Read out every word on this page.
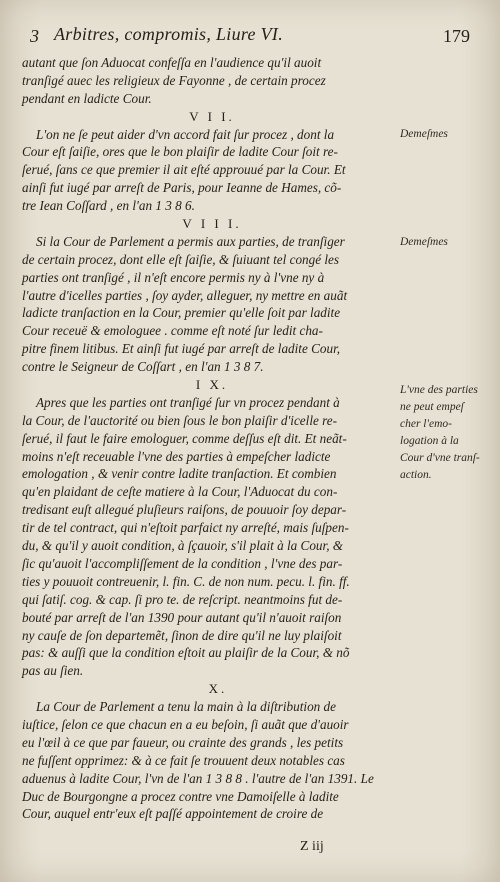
3 Arbitres, compromis, Liure VI.	179
autant que ſon Aduocat confeſſa en l'audience qu'il auoit
tranſigé auec les religieux de Fayonne , de certain procez
pendant en ladicte Cour.
V I I.
L'on ne ſe peut aider d'vn accord fait ſur procez , dont la
Cour eſt ſaiſie, ores que le bon plaiſir de ladite Cour ſoit re-
ſerué, ſans ce que premier il ait eſté approuué par la Cour. Et
ainſi fut iugé par arreſt de Paris, pour Ieanne de Hames, cõ-
tre Iean Coſſard , en l'an 1 3 8 6.
V I I I.
Si la Cour de Parlement a permis aux parties, de tranſiger
de certain procez, dont elle eſt ſaiſie, & ſuiuant tel congé les
parties ont tranſigé , il n'eſt encore permis ny à l'vne ny à
l'autre d'icelles parties , ſoy ayder, alleguer, ny mettre en auãt
ladicte tranſaction en la Cour, premier qu'elle ſoit par ladite
Cour receuë & emologuee . comme eſt noté ſur ledit cha-
pitre finem litibus. Et ainſi fut iugé par arreſt de ladite Cour,
contre le Seigneur de Coſſart , en l'an 1 3 8 7.
I X.
Apres que les parties ont tranſigé ſur vn procez pendant à
la Cour, de l'auctorité ou bien ſous le bon plaiſir d'icelle re-
ſerué, il faut le faire emologuer, comme deſſus eſt dit. Et neãt-
moins n'eſt receuable l'vne des parties à empeſcher ladicte
emologation , & venir contre ladite tranſaction. Et combien
qu'en plaidant de ceſte matiere à la Cour, l'Aduocat du con-
tredisant euſt allegué pluſieurs raiſons, de pouuoir ſoy depar-
tir de tel contract, qui n'eſtoit parfaict ny arreſté, mais ſuſpen-
du, & qu'il y auoit condition, à ſçauoir, s'il plait à la Cour, &
ſic qu'auoit l'accompliſſement de la condition , l'vne des par-
ties y pouuoit contreuenir, l. fin. C. de non num. pecu. l. fin. ff.
qui ſatiſ. cog. & cap. ſi pro te. de reſcript. neantmoins fut de-
bouté par arreſt de l'an 1390 pour autant qu'il n'auoit raiſon
ny cauſe de ſon departemẽt, ſinon de dire qu'il ne luy plaiſoit
pas: & auſſi que la condition eſtoit au plaiſir de la Cour, & nõ
pas au ſien.
X.
La Cour de Parlement a tenu la main à la diſtribution de
iuſtice, ſelon ce que chacun en a eu beſoin, ſi auãt que d'auoir
eu l'œil à ce que par faueur, ou crainte des grands , les petits
ne fuſſent opprimez: & à ce fait ſe trouuent deux notables cas
aduenus à ladite Cour, l'vn de l'an 1 3 8 8 . l'autre de l'an 1391. Le
Duc de Bourgongne a procez contre vne Damoiſelle à ladite
Cour, auquel entr'eux eſt paſſé appointement de croire de
Demeſmes
Demeſmes
L'vne des parties ne peut empeſ cher l'emo- logation à la Cour d'vne tranſ- action.
Z iij
